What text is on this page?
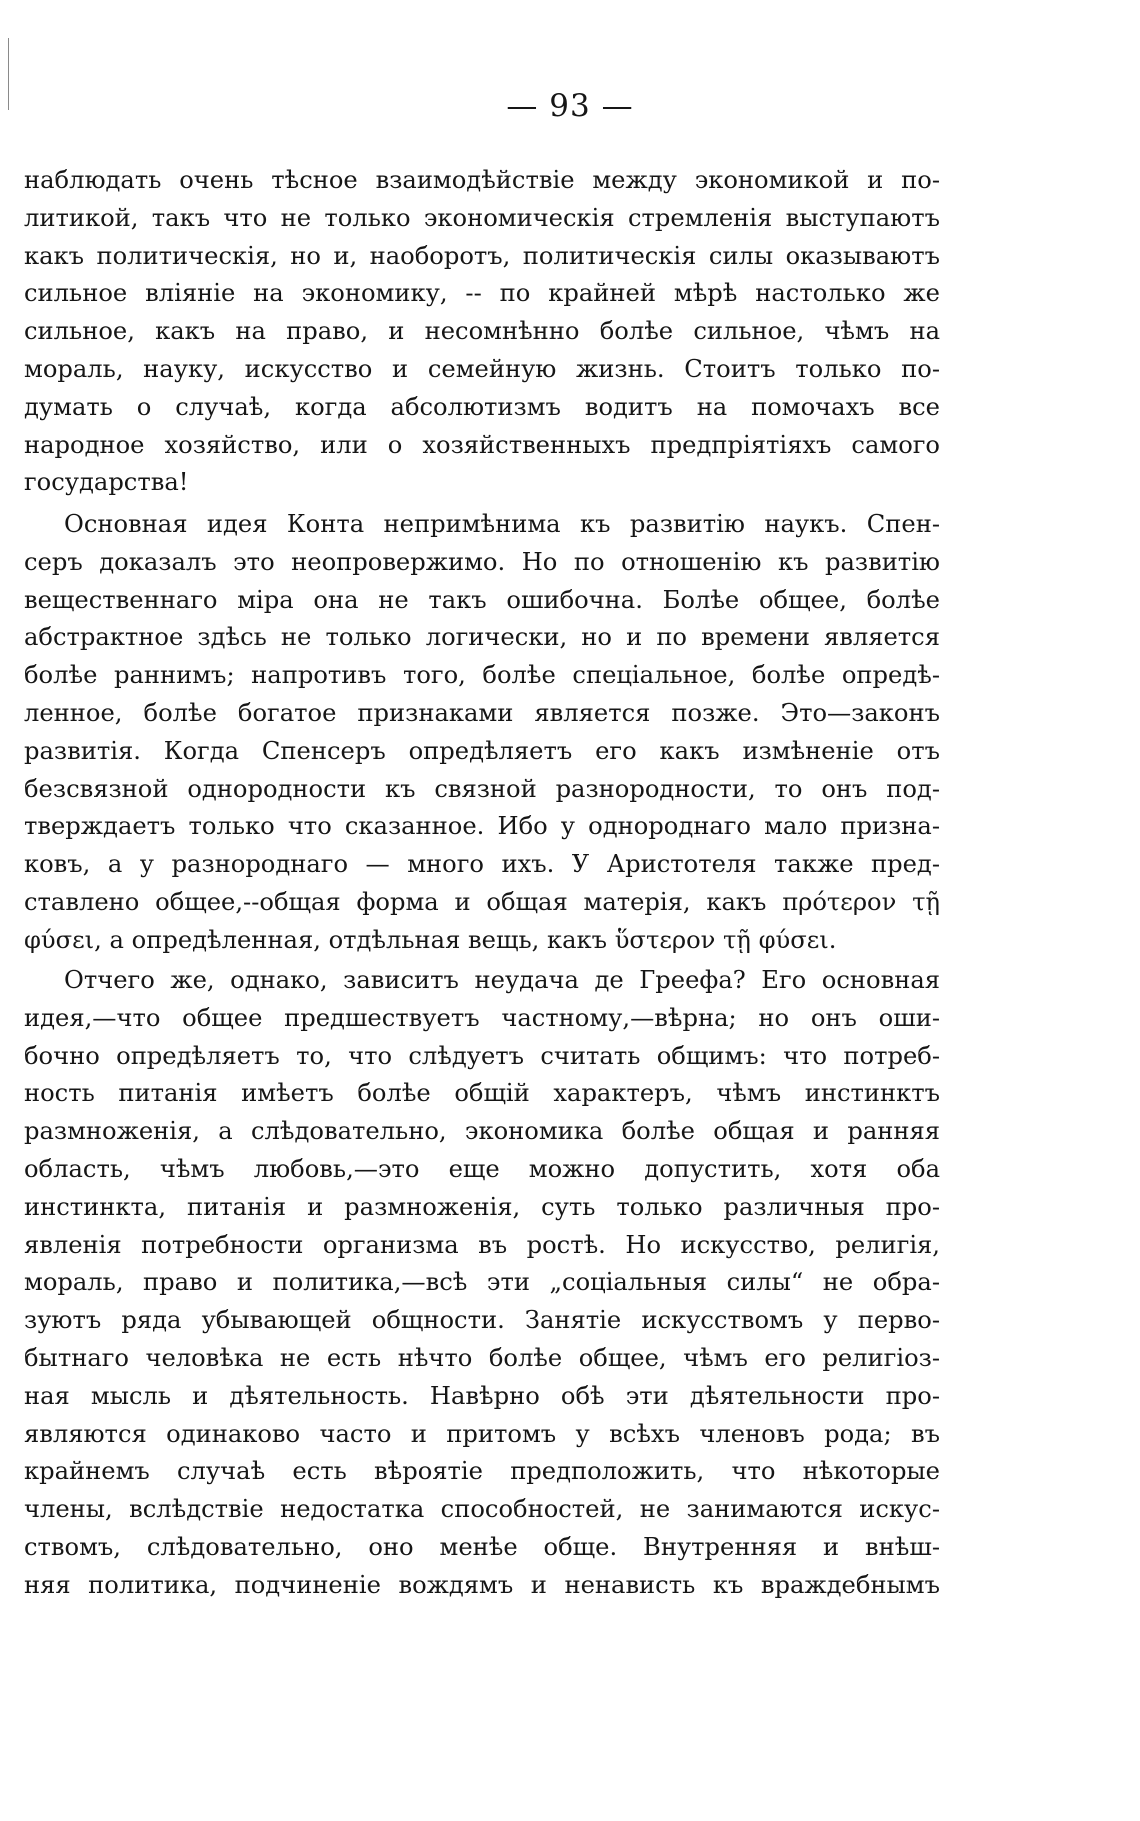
— 93 —
наблюдать очень тѣсное взаимодѣйствіе между экономикой и по-
литикой, такъ что не только экономическія стремленія выступаютъ
какъ политическія, но и, наоборотъ, политическія силы оказываютъ
сильное вліяніе на экономику, -- по крайней мѣрѣ настолько же
сильное, какъ на право, и несомнѣнно болѣе сильное, чѣмъ на
мораль, науку, искусство и семейную жизнь. Стоитъ только по-
думать о случаѣ, когда абсолютизмъ водитъ на помочахъ все
народное хозяйство, или о хозяйственныхъ предпріятіяхъ самого
государства!
Основная идея Конта непримѣнима къ развитію наукъ. Спен-
серъ доказалъ это неопровержимо. Но по отношенію къ развитію
вещественнаго міра она не такъ ошибочна. Болѣе общее, болѣе
абстрактное здѣсь не только логически, но и по времени является
болѣе раннимъ; напротивъ того, болѣе спеціальное, болѣе опредѣ-
ленное, болѣе богатое признаками является позже. Это—законъ
развитія. Когда Спенсеръ опредѣляетъ его какъ измѣненіе отъ
безсвязной однородности къ связной разнородности, то онъ под-
тверждаетъ только что сказанное. Ибо у однороднаго мало призна-
ковъ, а у разнороднаго — много ихъ. У Аристотеля также пред-
ставлено общее,--общая форма и общая матерія, какъ πρότερον τῇ
φύσει, а опредѣленная, отдѣльная вещь, какъ ὕστερον τῇ φύσει.
Отчего же, однако, зависитъ неудача де Греефа? Его основная
идея,—что общее предшествуетъ частному,—вѣрна; но онъ оши-
бочно опредѣляетъ то, что слѣдуетъ считать общимъ: что потреб-
ность питанія имѣетъ болѣе общій характеръ, чѣмъ инстинктъ
размноженія, а слѣдовательно, экономика болѣе общая и ранняя
область, чѣмъ любовь,—это еще можно допустить, хотя оба
инстинкта, питанія и размноженія, суть только различныя про-
явленія потребности организма въ ростѣ. Но искусство, религія,
мораль, право и политика,—всѣ эти „соціальныя силы“ не обра-
зуютъ ряда убывающей общности. Занятіе искусствомъ у перво-
бытнаго человѣка не есть нѣчто болѣе общее, чѣмъ его религіоз-
ная мысль и дѣятельность. Навѣрно обѣ эти дѣятельности про-
являются одинаково часто и притомъ у всѣхъ членовъ рода; въ
крайнемъ случаѣ есть вѣроятіе предположить, что нѣкоторые
члены, вслѣдствіе недостатка способностей, не занимаются искус-
ствомъ, слѣдовательно, оно менѣе обще. Внутренняя и внѣш-
няя политика, подчиненіе вождямъ и ненависть къ враждебнымъ
